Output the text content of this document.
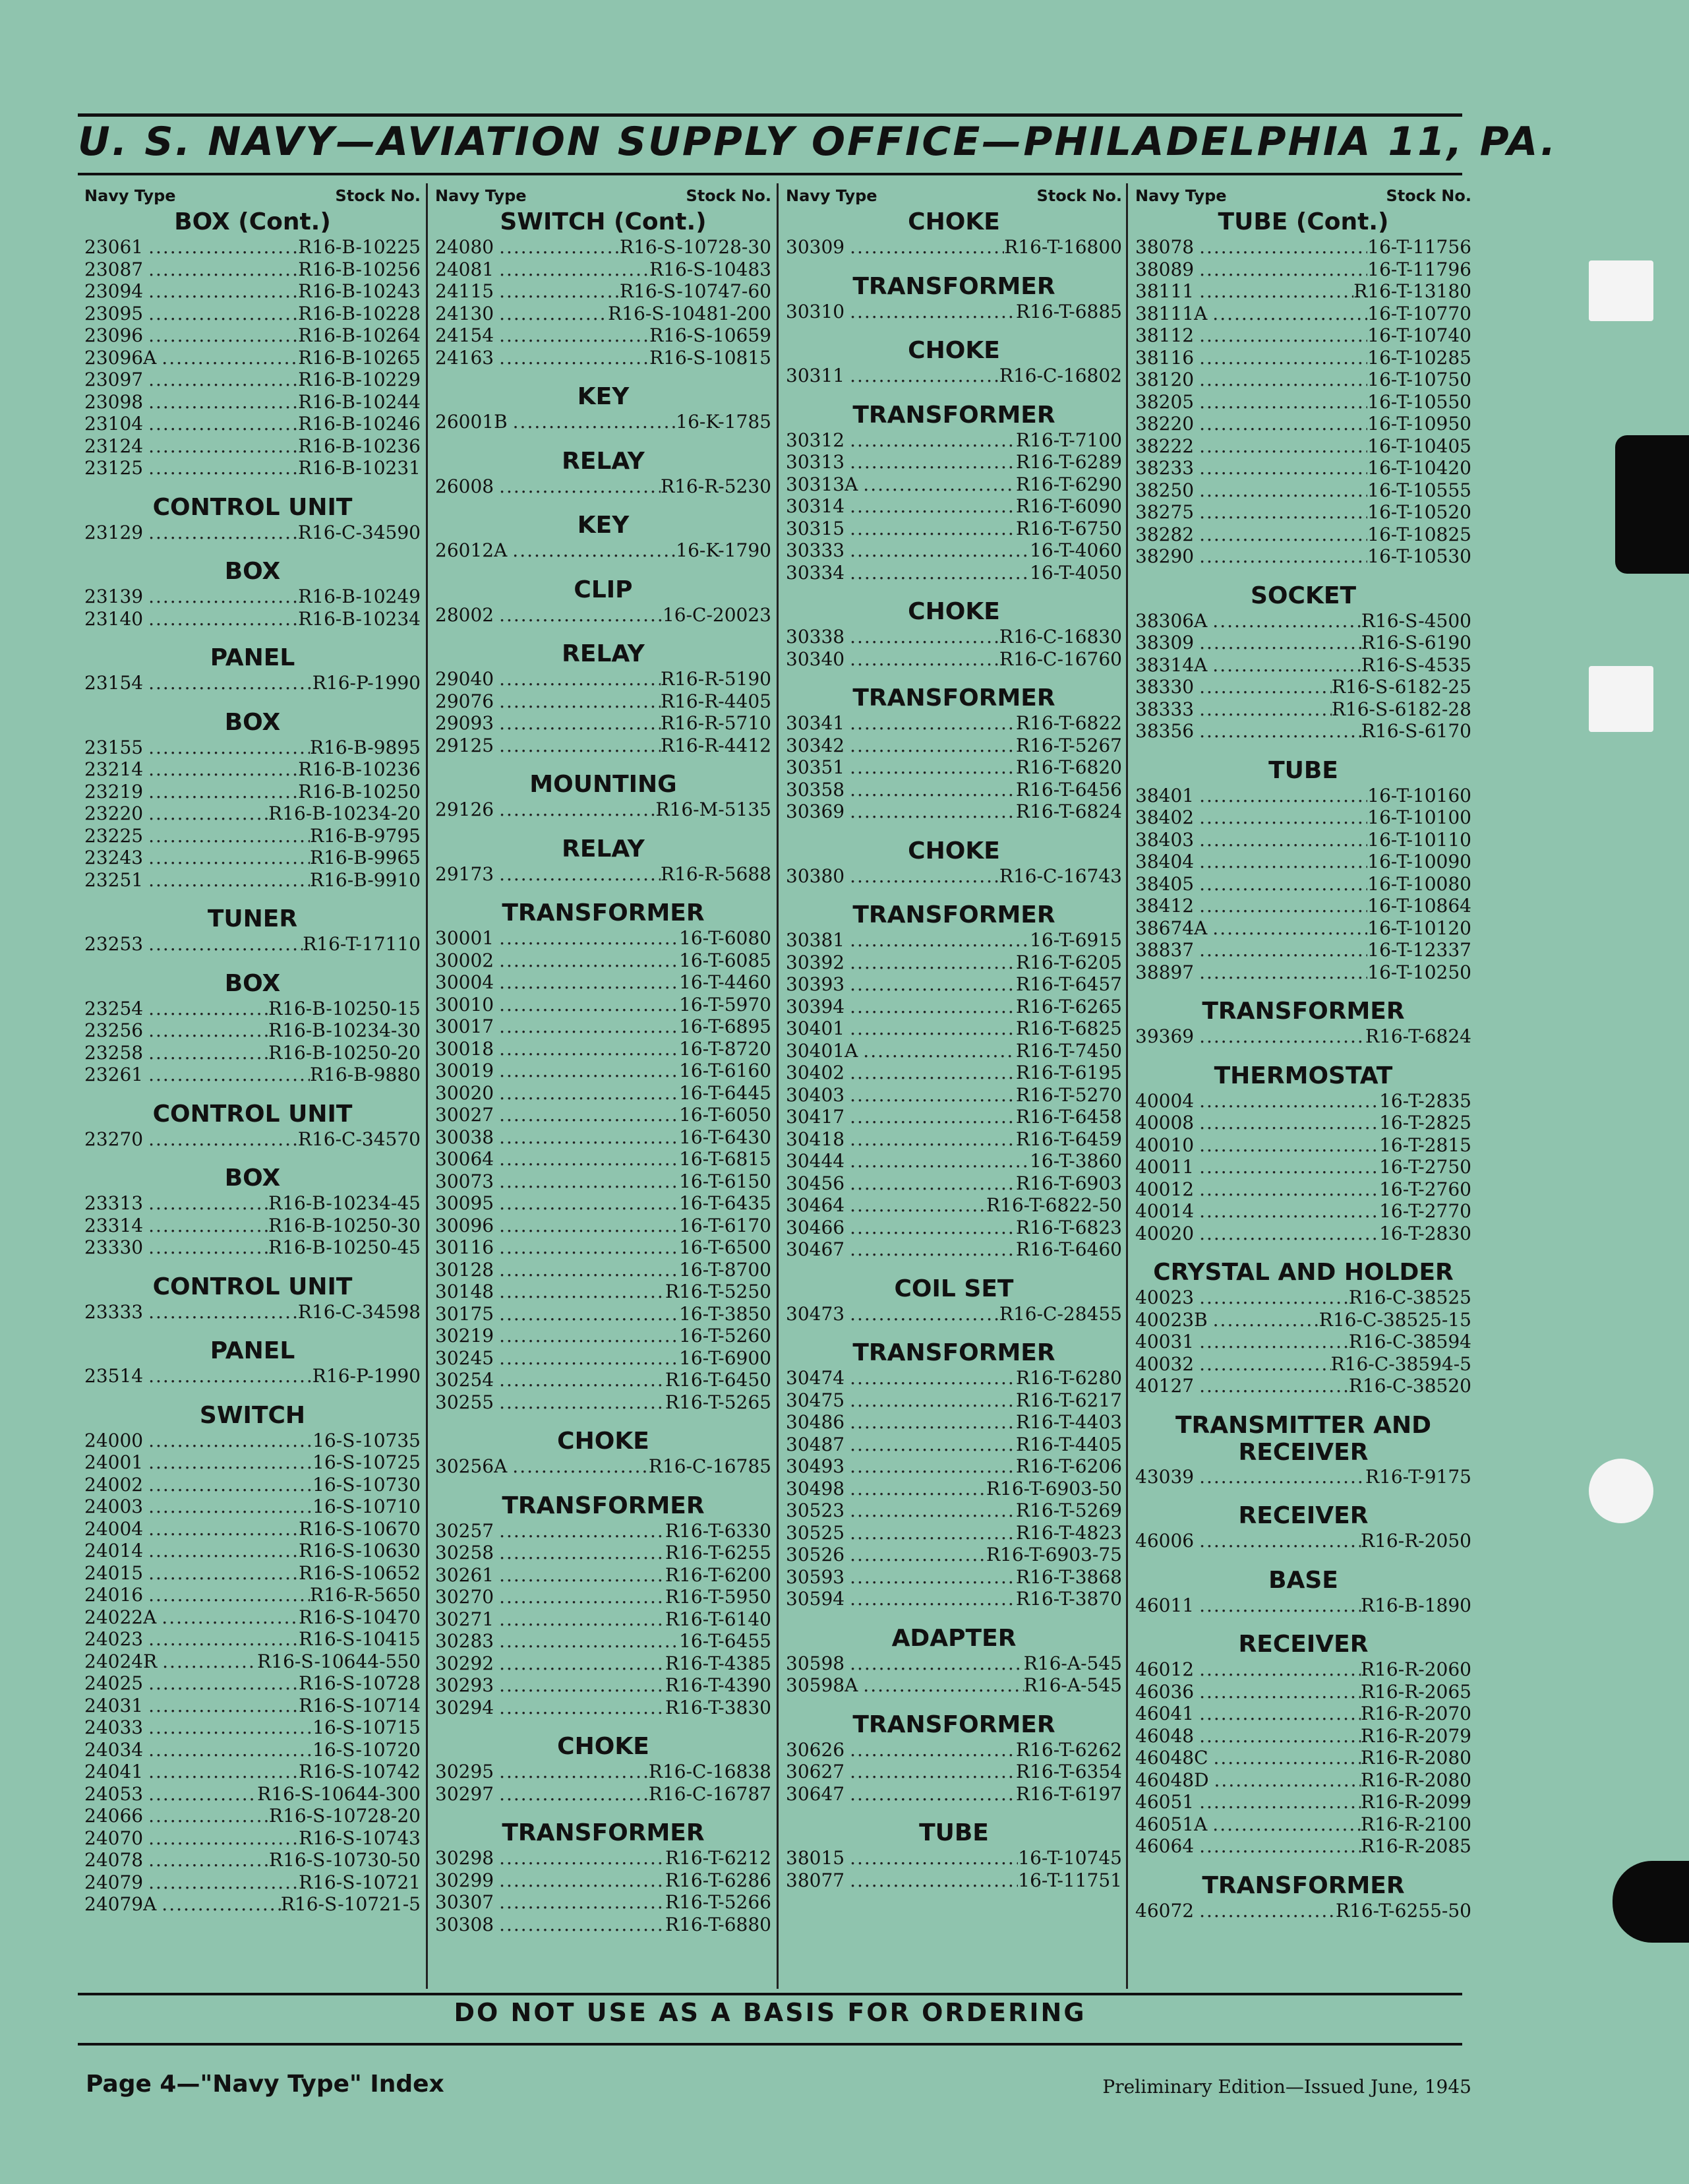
U. S. NAVY—AVIATION SUPPLY OFFICE—PHILADELPHIA 11, PA.
Navy Type	Stock No.
BOX (Cont.)
23061 .....	R16-B-10225
23087 .....	R16-B-10256
23094 .....	R16-B-10243
23095 .....	R16-B-10228
23096 .....	R16-B-10264
23096A .....	R16-B-10265
23097 .....	R16-B-10229
23098 .....	R16-B-10244
23104 .....	R16-B-10246
23124 .....	R16-B-10236
23125 .....	R16-B-10231
CONTROL UNIT
23129 .....	R16-C-34590
BOX
23139 .....	R16-B-10249
23140 .....	R16-B-10234
PANEL
23154 .....	R16-P-1990
BOX
23155 .....	R16-B-9895
23214 .....	R16-B-10236
23219 .....	R16-B-10250
23220 .....	R16-B-10234-20
23225 .....	R16-B-9795
23243 .....	R16-B-9965
23251 .....	R16-B-9910
TUNER
23253 .....	R16-T-17110
BOX
23254 .....	R16-B-10250-15
23256 .....	R16-B-10234-30
23258 .....	R16-B-10250-20
23261 .....	R16-B-9880
CONTROL UNIT
23270 .....	R16-C-34570
BOX
23313 .....	R16-B-10234-45
23314 .....	R16-B-10250-30
23330 .....	R16-B-10250-45
CONTROL UNIT
23333 .....	R16-C-34598
PANEL
23514 .....	R16-P-1990
SWITCH
24000 .....	16-S-10735
24001 .....	16-S-10725
24002 .....	16-S-10730
24003 .....	16-S-10710
24004 .....	R16-S-10670
24014 .....	R16-S-10630
24015 .....	R16-S-10652
24016 .....	R16-R-5650
24022A .....	R16-S-10470
24023 .....	R16-S-10415
24024R .....	R16-S-10644-550
24025 .....	R16-S-10728
24031 .....	R16-S-10714
24033 .....	16-S-10715
24034 .....	16-S-10720
24041 .....	R16-S-10742
24053 .....	R16-S-10644-300
24066 .....	R16-S-10728-20
24070 .....	R16-S-10743
24078 .....	R16-S-10730-50
24079 .....	R16-S-10721
24079A .....	R16-S-10721-5
Navy Type	Stock No.
SWITCH (Cont.)
24080 .....	R16-S-10728-30
24081 .....	R16-S-10483
24115 .....	R16-S-10747-60
24130 .....	R16-S-10481-200
24154 .....	R16-S-10659
24163 .....	R16-S-10815
KEY
26001B .....	16-K-1785
RELAY
26008 .....	R16-R-5230
KEY
26012A .....	16-K-1790
CLIP
28002 .....	16-C-20023
RELAY
29040 .....	R16-R-5190
29076 .....	R16-R-4405
29093 .....	R16-R-5710
29125 .....	R16-R-4412
MOUNTING
29126 .....	R16-M-5135
RELAY
29173 .....	R16-R-5688
TRANSFORMER
30001 .....	16-T-6080
30002 .....	16-T-6085
30004 .....	16-T-4460
30010 .....	16-T-5970
30017 .....	16-T-6895
30018 .....	16-T-8720
30019 .....	16-T-6160
30020 .....	16-T-6445
30027 .....	16-T-6050
30038 .....	16-T-6430
30064 .....	16-T-6815
30073 .....	16-T-6150
30095 .....	16-T-6435
30096 .....	16-T-6170
30116 .....	16-T-6500
30128 .....	16-T-8700
30148 .....	R16-T-5250
30175 .....	16-T-3850
30219 .....	16-T-5260
30245 .....	16-T-6900
30254 .....	R16-T-6450
30255 .....	R16-T-5265
CHOKE
30256A .....	R16-C-16785
TRANSFORMER
30257 .....	R16-T-6330
30258 .....	R16-T-6255
30261 .....	R16-T-6200
30270 .....	R16-T-5950
30271 .....	R16-T-6140
30283 .....	16-T-6455
30292 .....	R16-T-4385
30293 .....	R16-T-4390
30294 .....	R16-T-3830
CHOKE
30295 .....	R16-C-16838
30297 .....	R16-C-16787
TRANSFORMER
30298 .....	R16-T-6212
30299 .....	R16-T-6286
30307 .....	R16-T-5266
30308 .....	R16-T-6880
Navy Type	Stock No.
CHOKE
30309 .....	R16-T-16800
TRANSFORMER
30310 .....	R16-T-6885
CHOKE
30311 .....	R16-C-16802
TRANSFORMER
30312 .....	R16-T-7100
30313 .....	R16-T-6289
30313A .....	R16-T-6290
30314 .....	R16-T-6090
30315 .....	R16-T-6750
30333 .....	16-T-4060
30334 .....	16-T-4050
CHOKE
30338 .....	R16-C-16830
30340 .....	R16-C-16760
TRANSFORMER
30341 .....	R16-T-6822
30342 .....	R16-T-5267
30351 .....	R16-T-6820
30358 .....	R16-T-6456
30369 .....	R16-T-6824
CHOKE
30380 .....	R16-C-16743
TRANSFORMER
30381 .....	16-T-6915
30392 .....	R16-T-6205
30393 .....	R16-T-6457
30394 .....	R16-T-6265
30401 .....	R16-T-6825
30401A .....	R16-T-7450
30402 .....	R16-T-6195
30403 .....	R16-T-5270
30417 .....	R16-T-6458
30418 .....	R16-T-6459
30444 .....	16-T-3860
30456 .....	R16-T-6903
30464 .....	R16-T-6822-50
30466 .....	R16-T-6823
30467 .....	R16-T-6460
COIL SET
30473 .....	R16-C-28455
TRANSFORMER
30474 .....	R16-T-6280
30475 .....	R16-T-6217
30486 .....	R16-T-4403
30487 .....	R16-T-4405
30493 .....	R16-T-6206
30498 .....	R16-T-6903-50
30523 .....	R16-T-5269
30525 .....	R16-T-4823
30526 .....	R16-T-6903-75
30593 .....	R16-T-3868
30594 .....	R16-T-3870
ADAPTER
30598 .....	R16-A-545
30598A .....	R16-A-545
TRANSFORMER
30626 .....	R16-T-6262
30627 .....	R16-T-6354
30647 .....	R16-T-6197
TUBE
38015 .....	16-T-10745
38077 .....	16-T-11751
Navy Type	Stock No.
TUBE (Cont.)
38078 .....	16-T-11756
38089 .....	16-T-11796
38111 .....	R16-T-13180
38111A .....	16-T-10770
38112 .....	16-T-10740
38116 .....	16-T-10285
38120 .....	16-T-10750
38205 .....	16-T-10550
38220 .....	16-T-10950
38222 .....	16-T-10405
38233 .....	16-T-10420
38250 .....	16-T-10555
38275 .....	16-T-10520
38282 .....	16-T-10825
38290 .....	16-T-10530
SOCKET
38306A .....	R16-S-4500
38309 .....	R16-S-6190
38314A .....	R16-S-4535
38330 .....	R16-S-6182-25
38333 .....	R16-S-6182-28
38356 .....	R16-S-6170
TUBE
38401 .....	16-T-10160
38402 .....	16-T-10100
38403 .....	16-T-10110
38404 .....	16-T-10090
38405 .....	16-T-10080
38412 .....	16-T-10864
38674A .....	16-T-10120
38837 .....	16-T-12337
38897 .....	16-T-10250
TRANSFORMER
39369 .....	R16-T-6824
THERMOSTAT
40004 .....	16-T-2835
40008 .....	16-T-2825
40010 .....	16-T-2815
40011 .....	16-T-2750
40012 .....	16-T-2760
40014 .....	16-T-2770
40020 .....	16-T-2830
CRYSTAL AND HOLDER
40023 .....	R16-C-38525
40023B .....	R16-C-38525-15
40031 .....	R16-C-38594
40032 .....	R16-C-38594-5
40127 .....	R16-C-38520
TRANSMITTER AND
RECEIVER
43039 .....	R16-T-9175
RECEIVER
46006 .....	R16-R-2050
BASE
46011 .....	R16-B-1890
RECEIVER
46012 .....	R16-R-2060
46036 .....	R16-R-2065
46041 .....	R16-R-2070
46048 .....	R16-R-2079
46048C .....	R16-R-2080
46048D .....	R16-R-2080
46051 .....	R16-R-2099
46051A .....	R16-R-2100
46064 .....	R16-R-2085
TRANSFORMER
46072 .....	R16-T-6255-50
DO NOT USE AS A BASIS FOR ORDERING
Page 4—"Navy Type" Index	Preliminary Edition—Issued June, 1945
